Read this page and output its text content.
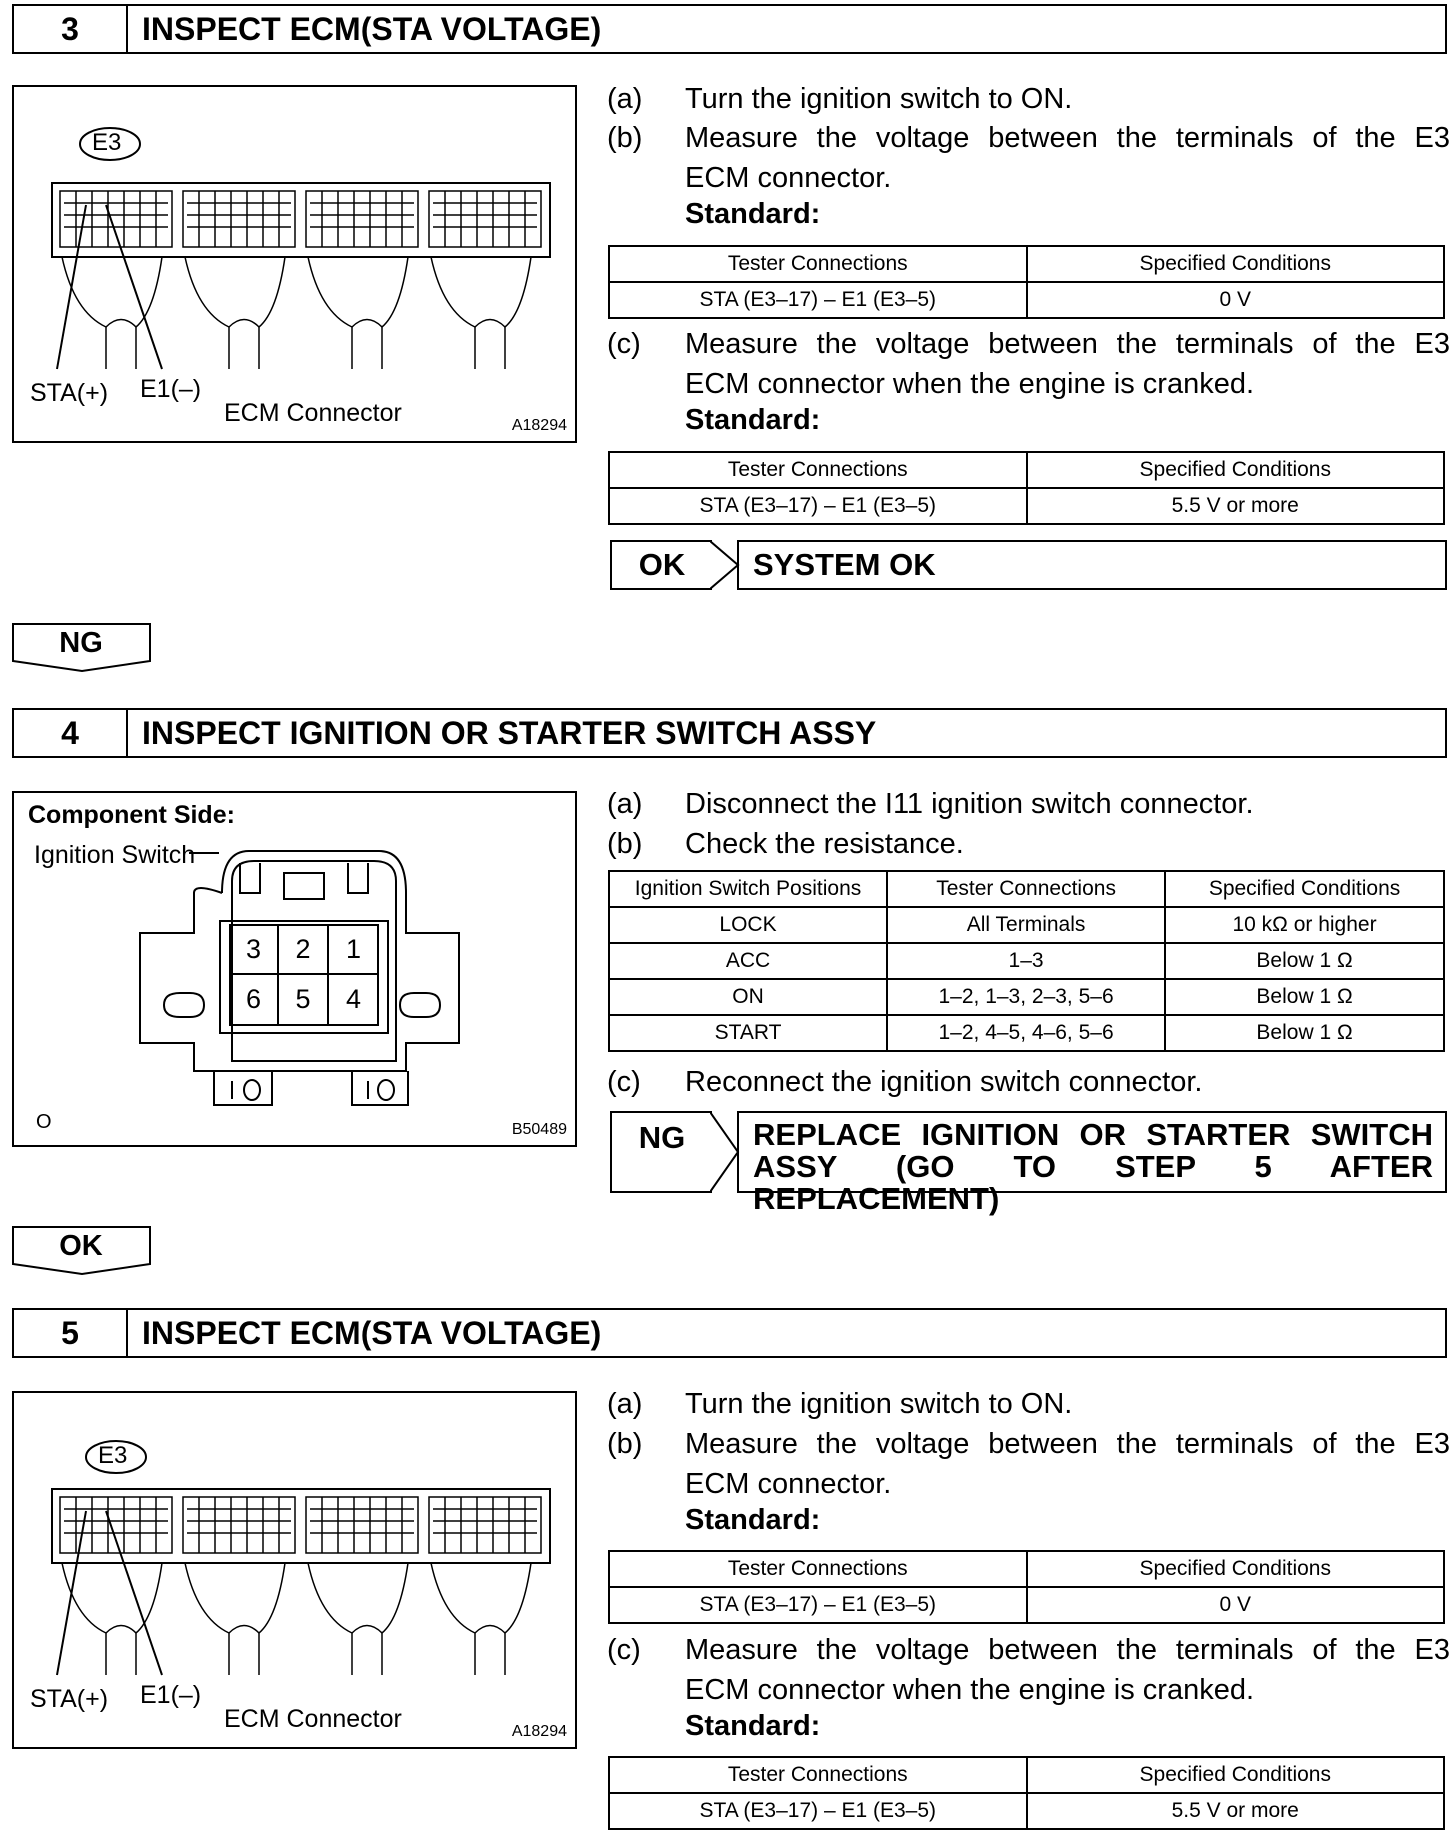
3	INSPECT ECM(STA VOLTAGE)
E3
STA(+) E1(–)
ECM Connector	A18294
(a) Turn the ignition switch to ON.
(b) Measure the voltage between the terminals of the E3
ECM connector.
Standard:
Tester Connections	Specified Conditions
STA (E3–17) – E1 (E3–5)	0 V
(c) Measure the voltage between the terminals of the E3
ECM connector when the engine is cranked.
Standard:
Tester Connections	Specified Conditions
STA (E3–17) – E1 (E3–5)	5.5 V or more
OK	SYSTEM OK
NG
4	INSPECT IGNITION OR STARTER SWITCH ASSY
Component Side:
Ignition Switch
3	2	1
6	5	4
O	B50489
(a) Disconnect the I11 ignition switch connector.
(b) Check the resistance.
Ignition Switch Positions	Tester Connections	Specified Conditions
LOCK	All Terminals	10 kΩ or higher
ACC	1–3	Below 1 Ω
ON	1–2, 1–3, 2–3, 5–6	Below 1 Ω
START	1–2, 4–5, 4–6, 5–6	Below 1 Ω
(c) Reconnect the ignition switch connector.
NG	REPLACE IGNITION OR STARTER SWITCH
ASSY (GO TO STEP 5 AFTER REPLACEMENT)
OK
5	INSPECT ECM(STA VOLTAGE)
E3
STA(+) E1(–)
ECM Connector	A18294
(a) Turn the ignition switch to ON.
(b) Measure the voltage between the terminals of the E3
ECM connector.
Standard:
Tester Connections	Specified Conditions
STA (E3–17) – E1 (E3–5)	0 V
(c) Measure the voltage between the terminals of the E3
ECM connector when the engine is cranked.
Standard:
Tester Connections	Specified Conditions
STA (E3–17) – E1 (E3–5)	5.5 V or more
